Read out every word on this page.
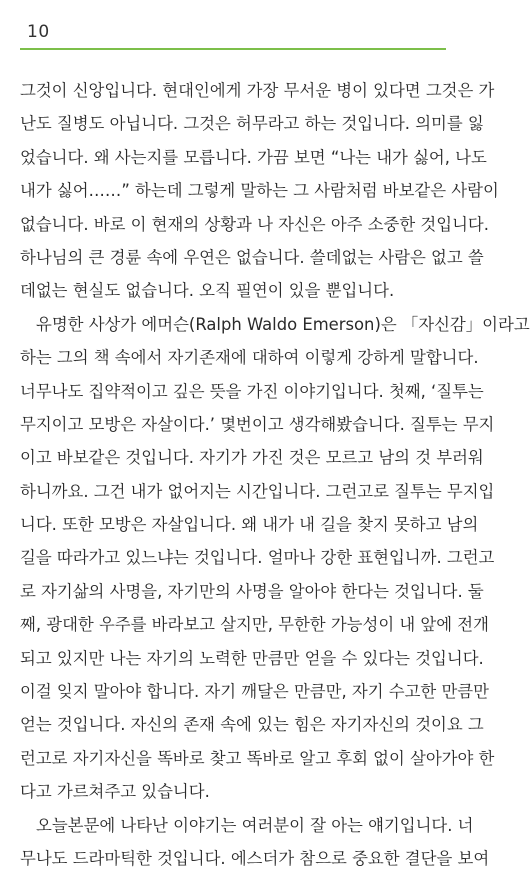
10
그것이 신앙입니다. 현대인에게 가장 무서운 병이 있다면 그것은 가
난도 질병도 아닙니다. 그것은 허무라고 하는 것입니다. 의미를 잃
었습니다. 왜 사는지를 모릅니다. 가끔 보면 “나는 내가 싫어, 나도
내가 싫어……” 하는데 그렇게 말하는 그 사람처럼 바보같은 사람이
없습니다. 바로 이 현재의 상황과 나 자신은 아주 소중한 것입니다.
하나님의 큰 경륜 속에 우연은 없습니다. 쓸데없는 사람은 없고 쓸
데없는 현실도 없습니다. 오직 필연이 있을 뿐입니다.
유명한 사상가 에머슨(Ralph Waldo Emerson)은 「자신감」이라고
하는 그의 책 속에서 자기존재에 대하여 이렇게 강하게 말합니다.
너무나도 집약적이고 깊은 뜻을 가진 이야기입니다. 첫째, ‘질투는
무지이고 모방은 자살이다.’ 몇번이고 생각해봤습니다. 질투는 무지
이고 바보같은 것입니다. 자기가 가진 것은 모르고 남의 것 부러워
하니까요. 그건 내가 없어지는 시간입니다. 그런고로 질투는 무지입
니다. 또한 모방은 자살입니다. 왜 내가 내 길을 찾지 못하고 남의
길을 따라가고 있느냐는 것입니다. 얼마나 강한 표현입니까. 그런고
로 자기삶의 사명을, 자기만의 사명을 알아야 한다는 것입니다. 둘
째, 광대한 우주를 바라보고 살지만, 무한한 가능성이 내 앞에 전개
되고 있지만 나는 자기의 노력한 만큼만 얻을 수 있다는 것입니다.
이걸 잊지 말아야 합니다. 자기 깨달은 만큼만, 자기 수고한 만큼만
얻는 것입니다. 자신의 존재 속에 있는 힘은 자기자신의 것이요 그
런고로 자기자신을 똑바로 찾고 똑바로 알고 후회 없이 살아가야 한
다고 가르쳐주고 있습니다.
오늘본문에 나타난 이야기는 여러분이 잘 아는 얘기입니다. 너
무나도 드라마틱한 것입니다. 에스더가 참으로 중요한 결단을 보여
